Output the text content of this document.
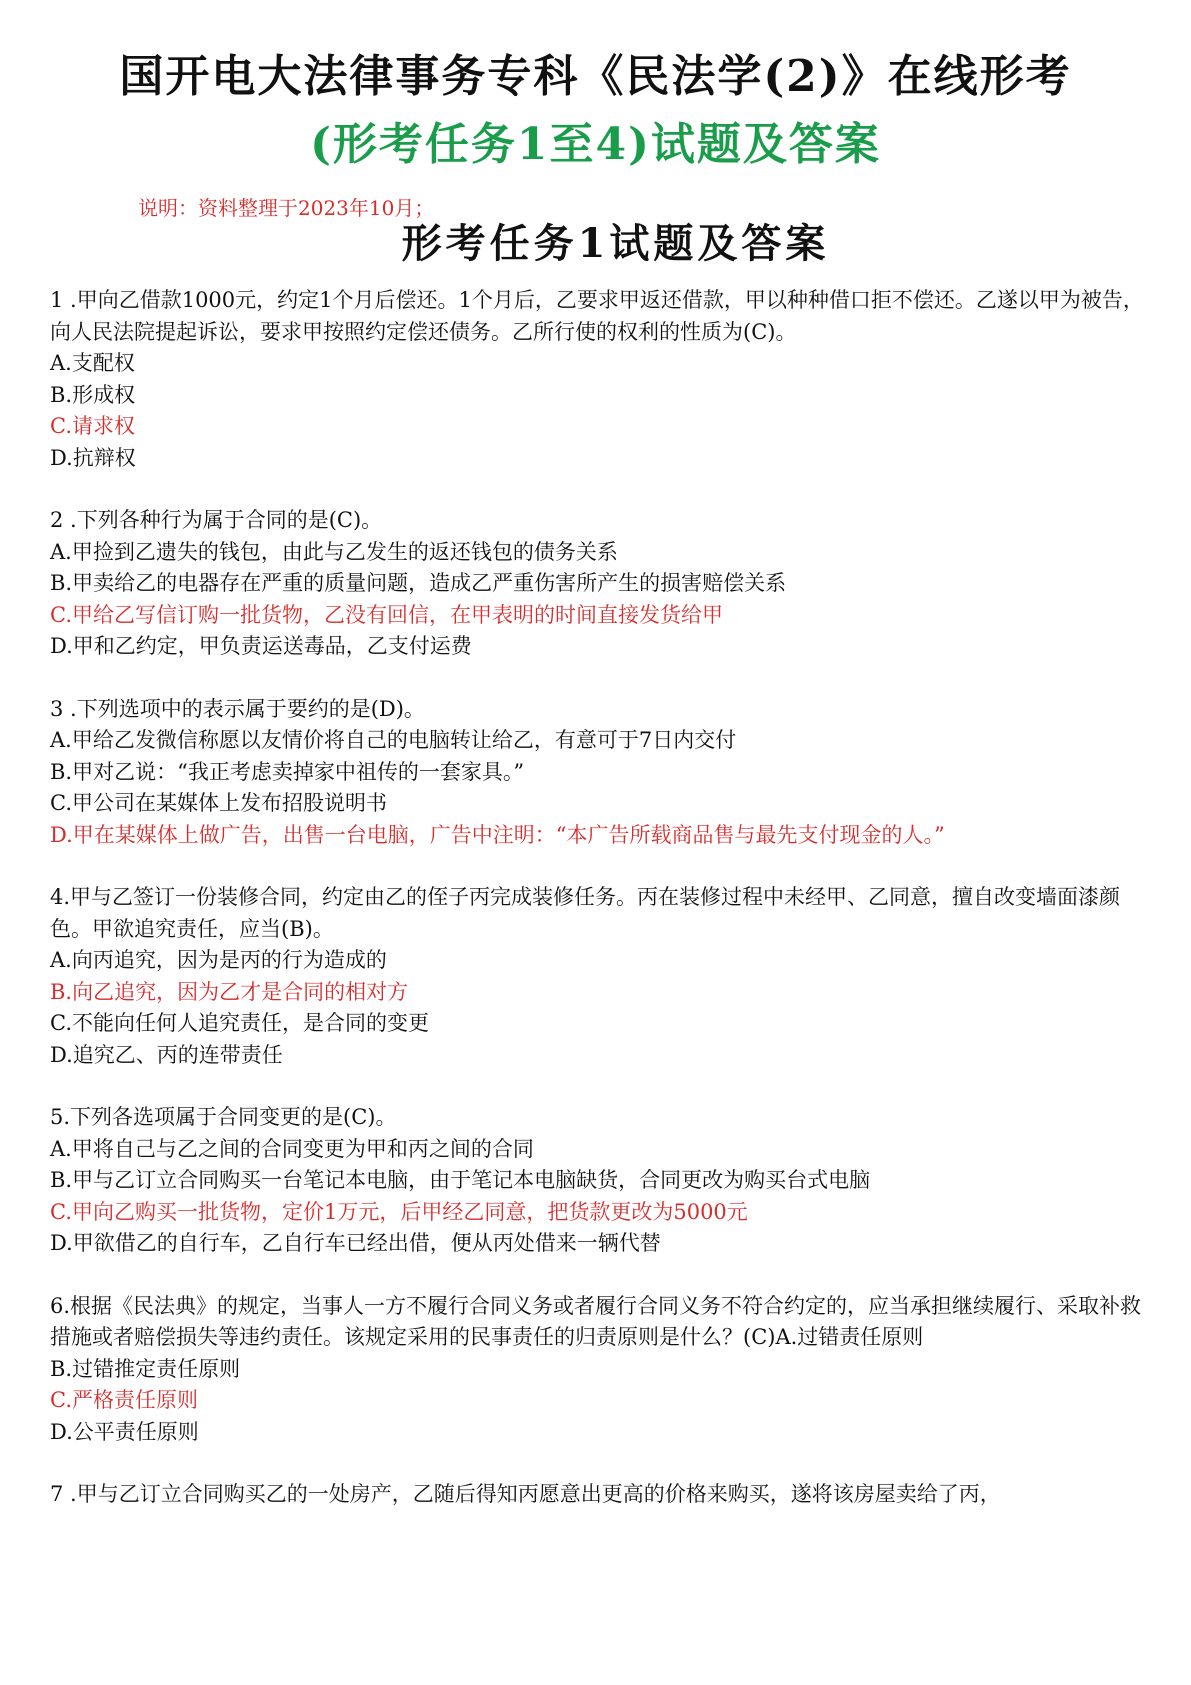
国开电大法律事务专科《民法学(2)》在线形考
(形考任务1至4)试题及答案
说明：资料整理于2023年10月；
形考任务1试题及答案

1 .甲向乙借款1000元，约定1个月后偿还。1个月后，乙要求甲返还借款，甲以种种借口拒不偿还。乙遂以甲为被告，向人民法院提起诉讼，要求甲按照约定偿还债务。乙所行使的权利的性质为(C)。

A.支配权

B.形成权

C.请求权

D.抗辩权

2 .下列各种行为属于合同的是(C)。

A.甲捡到乙遗失的钱包，由此与乙发生的返还钱包的债务关系

B.甲卖给乙的电器存在严重的质量问题，造成乙严重伤害所产生的损害赔偿关系

C.甲给乙写信订购一批货物，乙没有回信，在甲表明的时间直接发货给甲

D.甲和乙约定，甲负责运送毒品，乙支付运费

3 .下列选项中的表示属于要约的是(D)。

A.甲给乙发微信称愿以友情价将自己的电脑转让给乙，有意可于7日内交付

B.甲对乙说：“我正考虑卖掉家中祖传的一套家具。”

C.甲公司在某媒体上发布招股说明书

D.甲在某媒体上做广告，出售一台电脑，广告中注明：“本广告所载商品售与最先支付现金的人。”

4.甲与乙签订一份装修合同，约定由乙的侄子丙完成装修任务。丙在装修过程中未经甲、乙同意，擅自改变墙面漆颜色。甲欲追究责任，应当(B)。

A.向丙追究，因为是丙的行为造成的

B.向乙追究，因为乙才是合同的相对方

C.不能向任何人追究责任，是合同的变更

D.追究乙、丙的连带责任

5.下列各选项属于合同变更的是(C)。

A.甲将自己与乙之间的合同变更为甲和丙之间的合同

B.甲与乙订立合同购买一台笔记本电脑，由于笔记本电脑缺货，合同更改为购买台式电脑

C.甲向乙购买一批货物，定价1万元，后甲经乙同意，把货款更改为5000元

D.甲欲借乙的自行车，乙自行车已经出借，便从丙处借来一辆代替

6.根据《民法典》的规定，当事人一方不履行合同义务或者履行合同义务不符合约定的，应当承担继续履行、采取补救措施或者赔偿损失等违约责任。该规定采用的民事责任的归责原则是什么？(C)A.过错责任原则

B.过错推定责任原则

C.严格责任原则

D.公平责任原则

7 .甲与乙订立合同购买乙的一处房产，乙随后得知丙愿意出更高的价格来购买，遂将该房屋卖给了丙，
